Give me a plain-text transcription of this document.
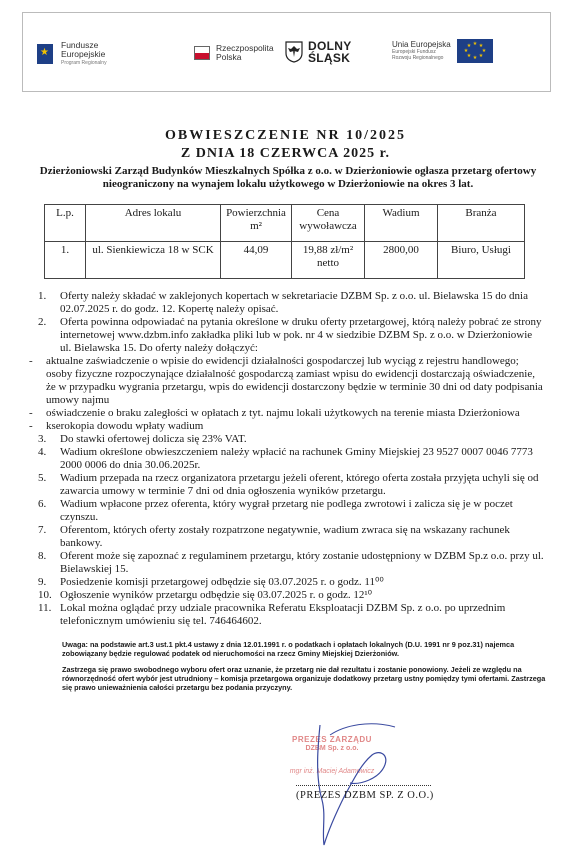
★
Fundusze
Europejskie
Program Regionalny
Rzeczpospolita
Polska
DOLNY
ŚLĄSK
Unia Europejska
Europejski Fundusz
Rozwoju Regionalnego
★ ★
★
★
★
★
★
★
OBWIESZCZENIE NR 10/2025
Z DNIA 18 CZERWCA 2025 r.
Dzierżoniowski Zarząd Budynków Mieszkalnych Spółka z o.o. w Dzierżoniowie ogłasza przetarg ofertowy nieograniczony na wynajem lokalu użytkowego w Dzierżoniowie na okres 3 lat.
L.p.	Adres lokalu	Powierzchnia m²	Cena wywoławcza	Wadium	Branża
1.	ul. Sienkiewicza 18 w SCK	44,09	19,88 zł/m² netto	2800,00	Biuro, Usługi
1. Oferty należy składać w zaklejonych kopertach w sekretariacie DZBM Sp. z o.o. ul. Bielawska 15 do dnia 02.07.2025 r. do godz. 12. Kopertę należy opisać.
2. Oferta powinna odpowiadać na pytania określone w druku oferty przetargowej, którą należy pobrać ze strony internetowej www.dzbm.info zakładka pliki lub w pok. nr 4 w siedzibie DZBM Sp. z o.o. w Dzierżoniowie ul. Bielawska 15. Do oferty należy dołączyć:
- aktualne zaświadczenie o wpisie do ewidencji działalności gospodarczej lub wyciąg z rejestru handlowego; osoby fizyczne rozpoczynające działalność gospodarczą zamiast wpisu do ewidencji dostarczają oświadczenie, że w przypadku wygrania przetargu, wpis do ewidencji dostarczony będzie w terminie 30 dni od daty podpisania umowy najmu
- oświadczenie o braku zaległości w opłatach z tyt. najmu lokali użytkowych na terenie miasta Dzierżoniowa
- kserokopia dowodu wpłaty wadium
3. Do stawki ofertowej dolicza się 23% VAT.
4. Wadium określone obwieszczeniem należy wpłacić na rachunek Gminy Miejskiej 23 9527 0007 0046 7773 2000 0006 do dnia 30.06.2025r.
5. Wadium przepada na rzecz organizatora przetargu jeżeli oferent, którego oferta została przyjęta uchyli się od zawarcia umowy w terminie 7 dni od dnia ogłoszenia wyników przetargu.
6. Wadium wpłacone przez oferenta, który wygrał przetarg nie podlega zwrotowi i zalicza się je w poczet czynszu.
7. Oferentom, których oferty zostały rozpatrzone negatywnie, wadium zwraca się na wskazany rachunek bankowy.
8. Oferent może się zapoznać z regulaminem przetargu, który zostanie udostępniony w DZBM Sp.z o.o. przy ul. Bielawskiej 15.
9. Posiedzenie komisji przetargowej odbędzie się 03.07.2025 r. o godz. 11⁰⁰
10. Ogłoszenie wyników przetargu odbędzie się 03.07.2025 r. o godz. 12¹⁰
11. Lokal można oglądać przy udziale pracownika Referatu Eksploatacji DZBM Sp. z o.o. po uprzednim telefonicznym umówieniu się tel. 746464602.

Uwaga: na podstawie art.3 ust.1 pkt.4 ustawy z dnia 12.01.1991 r. o podatkach i opłatach lokalnych (D.U. 1991 nr 9 poz.31) najemca zobowiązany będzie regulować podatek od nieruchomości na rzecz Gminy Miejskiej Dzierżoniów.

Zastrzega się prawo swobodnego wyboru ofert oraz uznanie, że przetarg nie dał rezultatu i zostanie ponowiony. Jeżeli ze względu na równorzędność ofert wybór jest utrudniony – komisja przetargowa organizuje dodatkowy przetarg ustny pomiędzy tymi ofertami. Zastrzega się prawo unieważnienia całości przetargu bez podania przyczyny.

PREZES ZARZĄDU
DZBM Sp. z o.o.
mgr inż. Maciej Adamowicz
(PREZES DZBM SP. Z O.O.)
